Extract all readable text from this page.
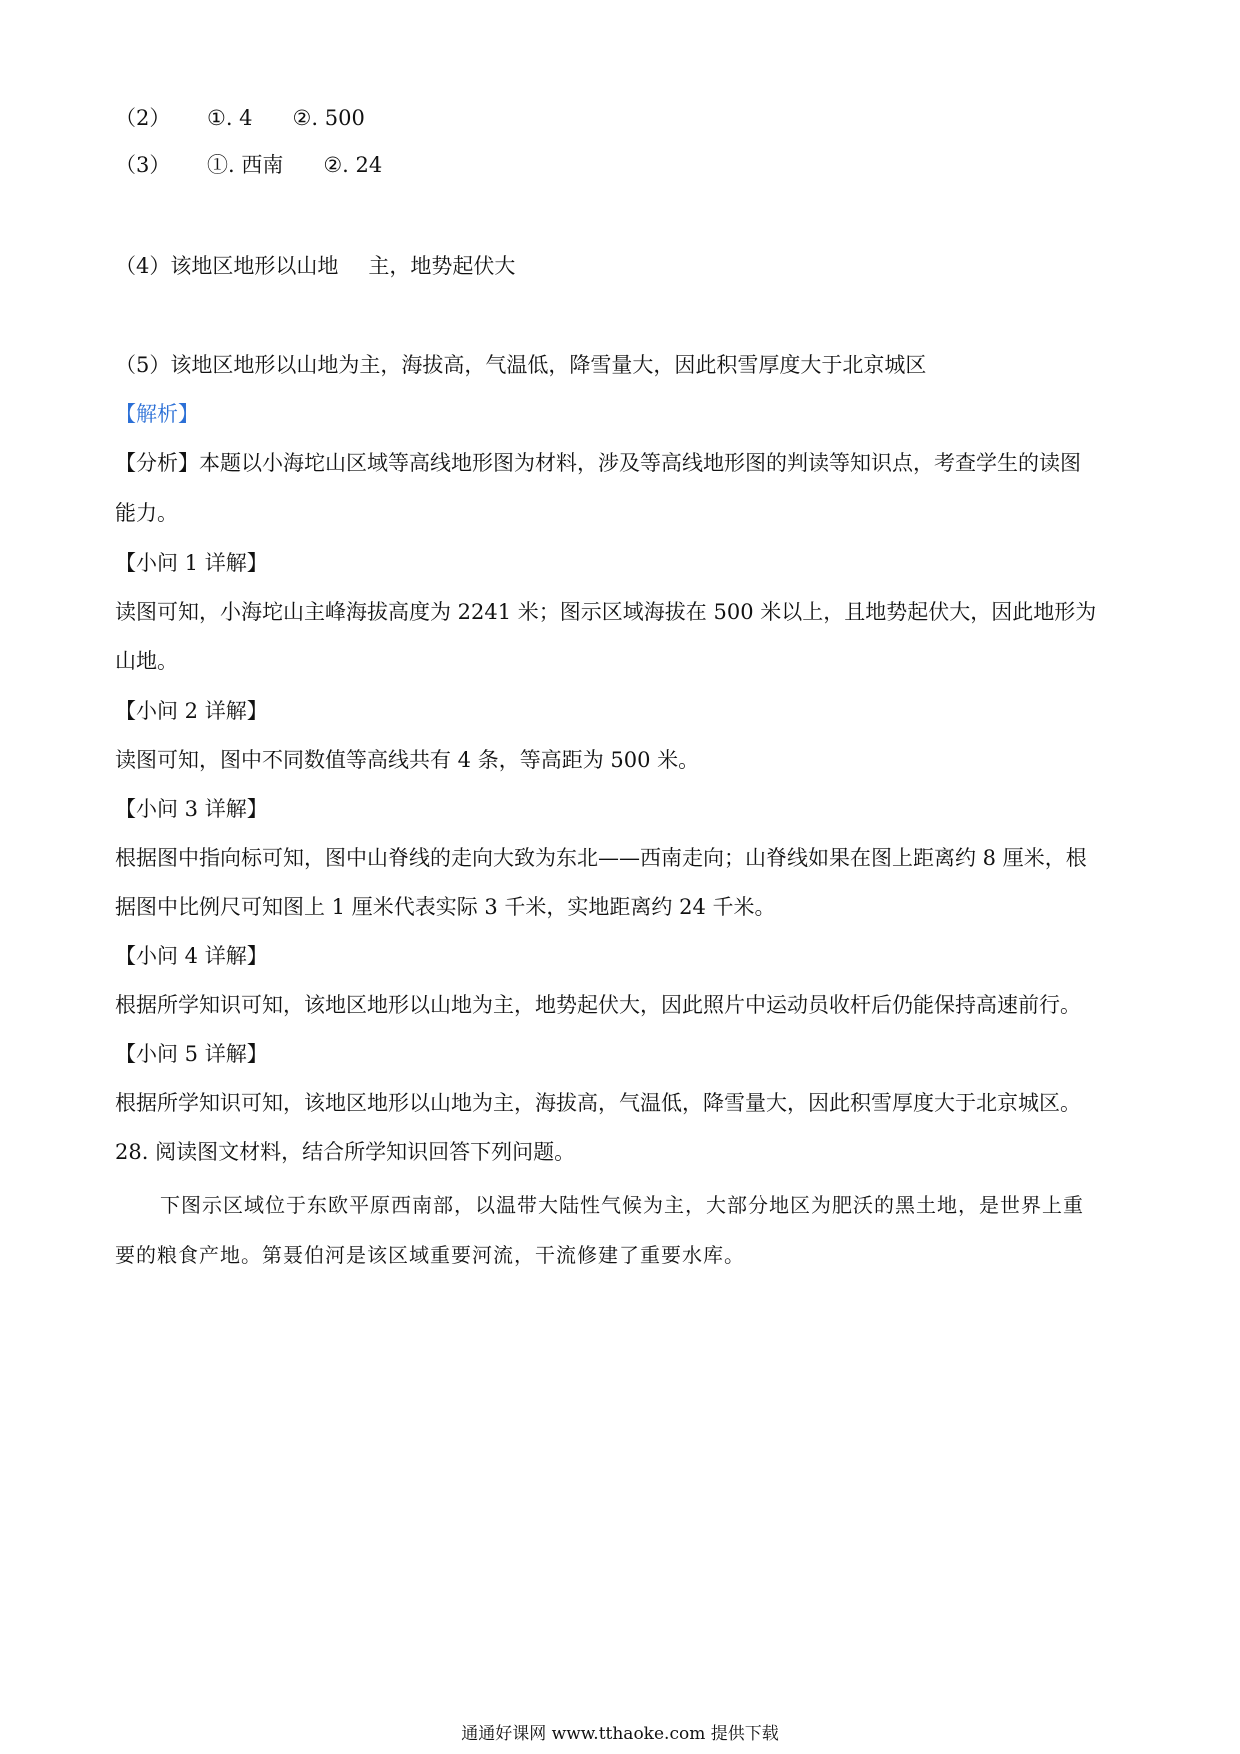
（2） ①. 4 ②. 500
（3） ①. 西南 ②. 24
（4）该地区地形以山地 主，地势起伏大
（5）该地区地形以山地为主，海拔高，气温低，降雪量大，因此积雪厚度大于北京城区
【解析】
【分析】本题以小海坨山区域等高线地形图为材料，涉及等高线地形图的判读等知识点，考查学生的读图
能力。
【小问 1 详解】
读图可知，小海坨山主峰海拔高度为 2241 米；图示区域海拔在 500 米以上，且地势起伏大，因此地形为
山地。
【小问 2 详解】
读图可知，图中不同数值等高线共有 4 条，等高距为 500 米。
【小问 3 详解】
根据图中指向标可知，图中山脊线的走向大致为东北——西南走向；山脊线如果在图上距离约 8 厘米，根
据图中比例尺可知图上 1 厘米代表实际 3 千米，实地距离约 24 千米。
【小问 4 详解】
根据所学知识可知，该地区地形以山地为主，地势起伏大，因此照片中运动员收杆后仍能保持高速前行。
【小问 5 详解】
根据所学知识可知，该地区地形以山地为主，海拔高，气温低，降雪量大，因此积雪厚度大于北京城区。
28. 阅读图文材料，结合所学知识回答下列问题。
下图示区域位于东欧平原西南部，以温带大陆性气候为主，大部分地区为肥沃的黑土地，是世界上重
要的粮食产地。第聂伯河是该区域重要河流，干流修建了重要水库。
通通好课网 www.tthaoke.com 提供下载
